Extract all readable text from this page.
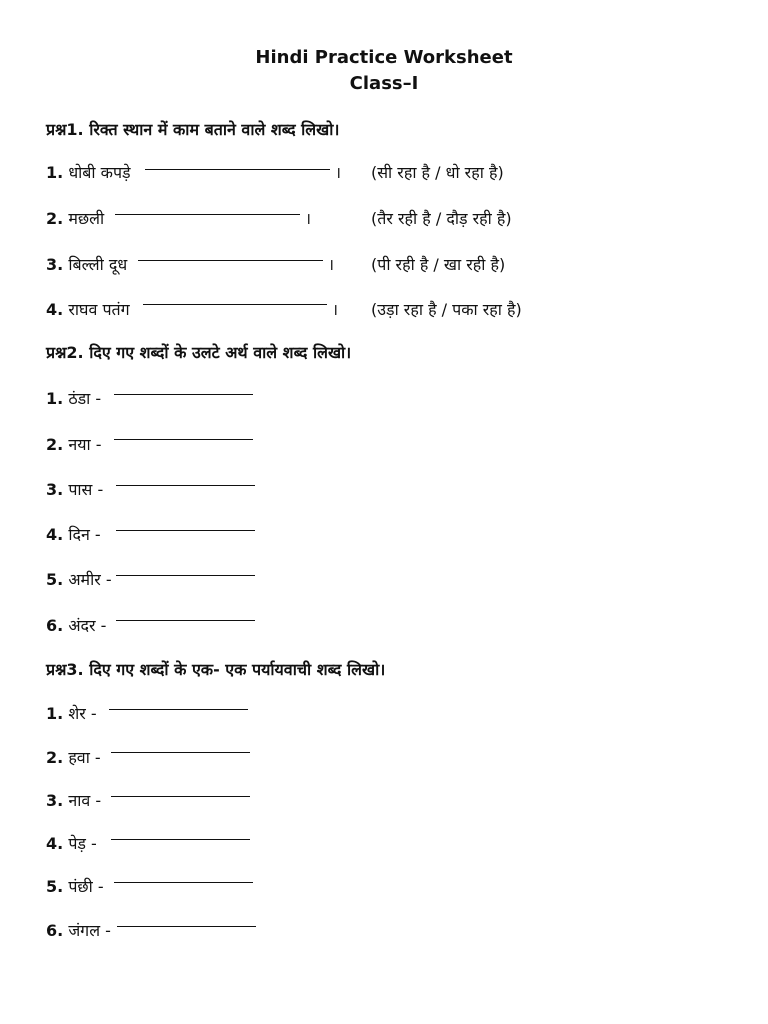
Hindi Practice Worksheet
Class–I
प्रश्न1. रिक्त स्थान में काम बताने वाले शब्द लिखो।
1. धोबी कपड़े	। (सी रहा है / धो रहा है)
2. मछली	।	(तैर रही है / दौड़ रही है)
3. बिल्ली दूध	। (पी रही है / खा रही है)
4. राघव पतंग	। (उड़ा रहा है / पका रहा है)
प्रश्न2. दिए गए शब्दों के उलटे अर्थ वाले शब्द लिखो।
1. ठंडा -
2. नया -
3. पास -
4. दिन -
5. अमीर -
6. अंदर -
प्रश्न3. दिए गए शब्दों के एक- एक पर्यायवाची शब्द लिखो।
1. शेर -
2. हवा -
3. नाव -
4. पेड़ -
5. पंछी -
6. जंगल -
